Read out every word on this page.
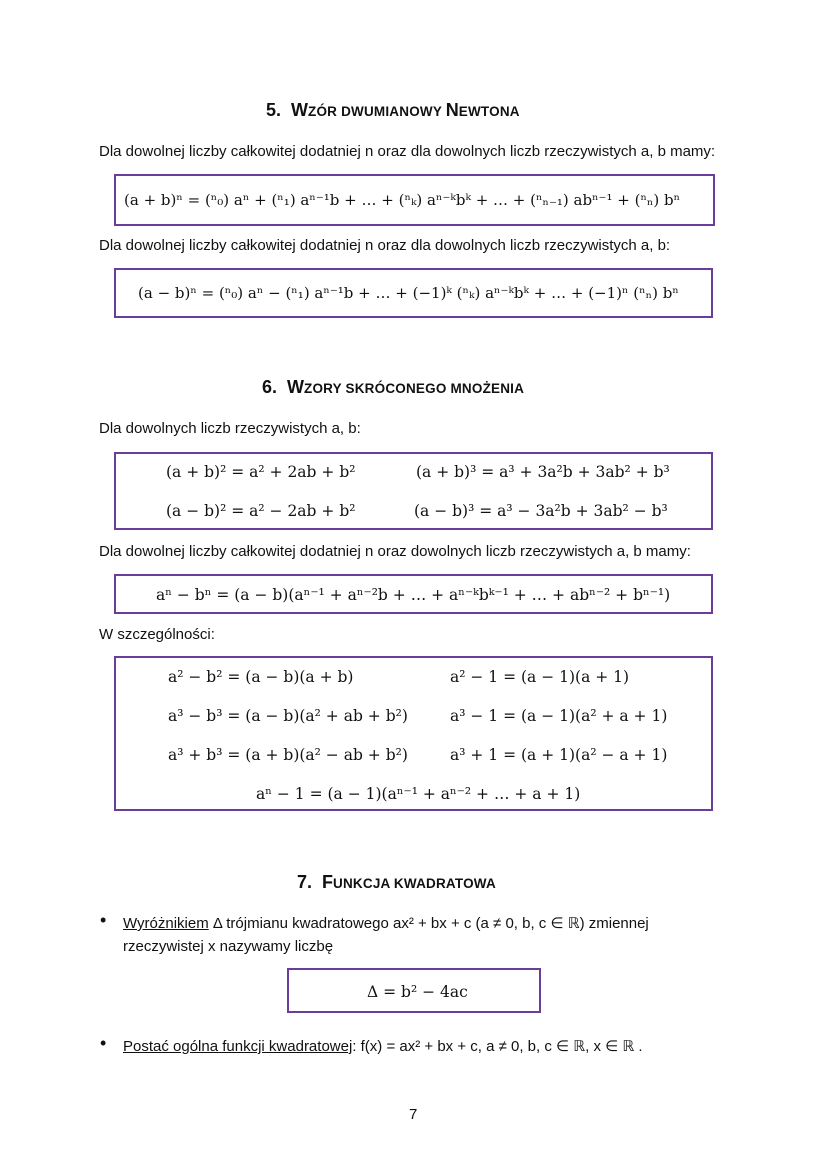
5. WZÓR DWUMIANOWY NEWTONA
Dla dowolnej liczby całkowitej dodatniej n oraz dla dowolnych liczb rzeczywistych a, b mamy:
(a + b)ⁿ = (ⁿ₀) aⁿ + (ⁿ₁) aⁿ⁻¹b + … + (ⁿₖ) aⁿ⁻ᵏbᵏ + … + (ⁿₙ₋₁) abⁿ⁻¹ + (ⁿₙ) bⁿ
Dla dowolnej liczby całkowitej dodatniej n oraz dla dowolnych liczb rzeczywistych a, b:
(a − b)ⁿ = (ⁿ₀) aⁿ − (ⁿ₁) aⁿ⁻¹b + … + (−1)ᵏ (ⁿₖ) aⁿ⁻ᵏbᵏ + … + (−1)ⁿ (ⁿₙ) bⁿ
6. WZORY SKRÓCONEGO MNOŻENIA
Dla dowolnych liczb rzeczywistych a, b:
(a + b)² = a² + 2ab + b²	(a + b)³ = a³ + 3a²b + 3ab² + b³
(a − b)² = a² − 2ab + b²	(a − b)³ = a³ − 3a²b + 3ab² − b³
Dla dowolnej liczby całkowitej dodatniej n oraz dowolnych liczb rzeczywistych a, b mamy:
aⁿ − bⁿ = (a − b)(aⁿ⁻¹ + aⁿ⁻²b + … + aⁿ⁻ᵏbᵏ⁻¹ + … + abⁿ⁻² + bⁿ⁻¹)
W szczególności:
a² − b² = (a − b)(a + b)	a² − 1 = (a − 1)(a + 1)
a³ − b³ = (a − b)(a² + ab + b²)	a³ − 1 = (a − 1)(a² + a + 1)
a³ + b³ = (a + b)(a² − ab + b²)	a³ + 1 = (a + 1)(a² − a + 1)
aⁿ − 1 = (a − 1)(aⁿ⁻¹ + aⁿ⁻² + … + a + 1)
7. FUNKCJA KWADRATOWA
• Wyróżnikiem Δ trójmianu kwadratowego ax² + bx + c (a ≠ 0, b, c ∈ ℝ) zmiennej
rzeczywistej x nazywamy liczbę
Δ = b² − 4ac
• Postać ogólna funkcji kwadratowej: f(x) = ax² + bx + c, a ≠ 0, b, c ∈ ℝ, x ∈ ℝ .
7
